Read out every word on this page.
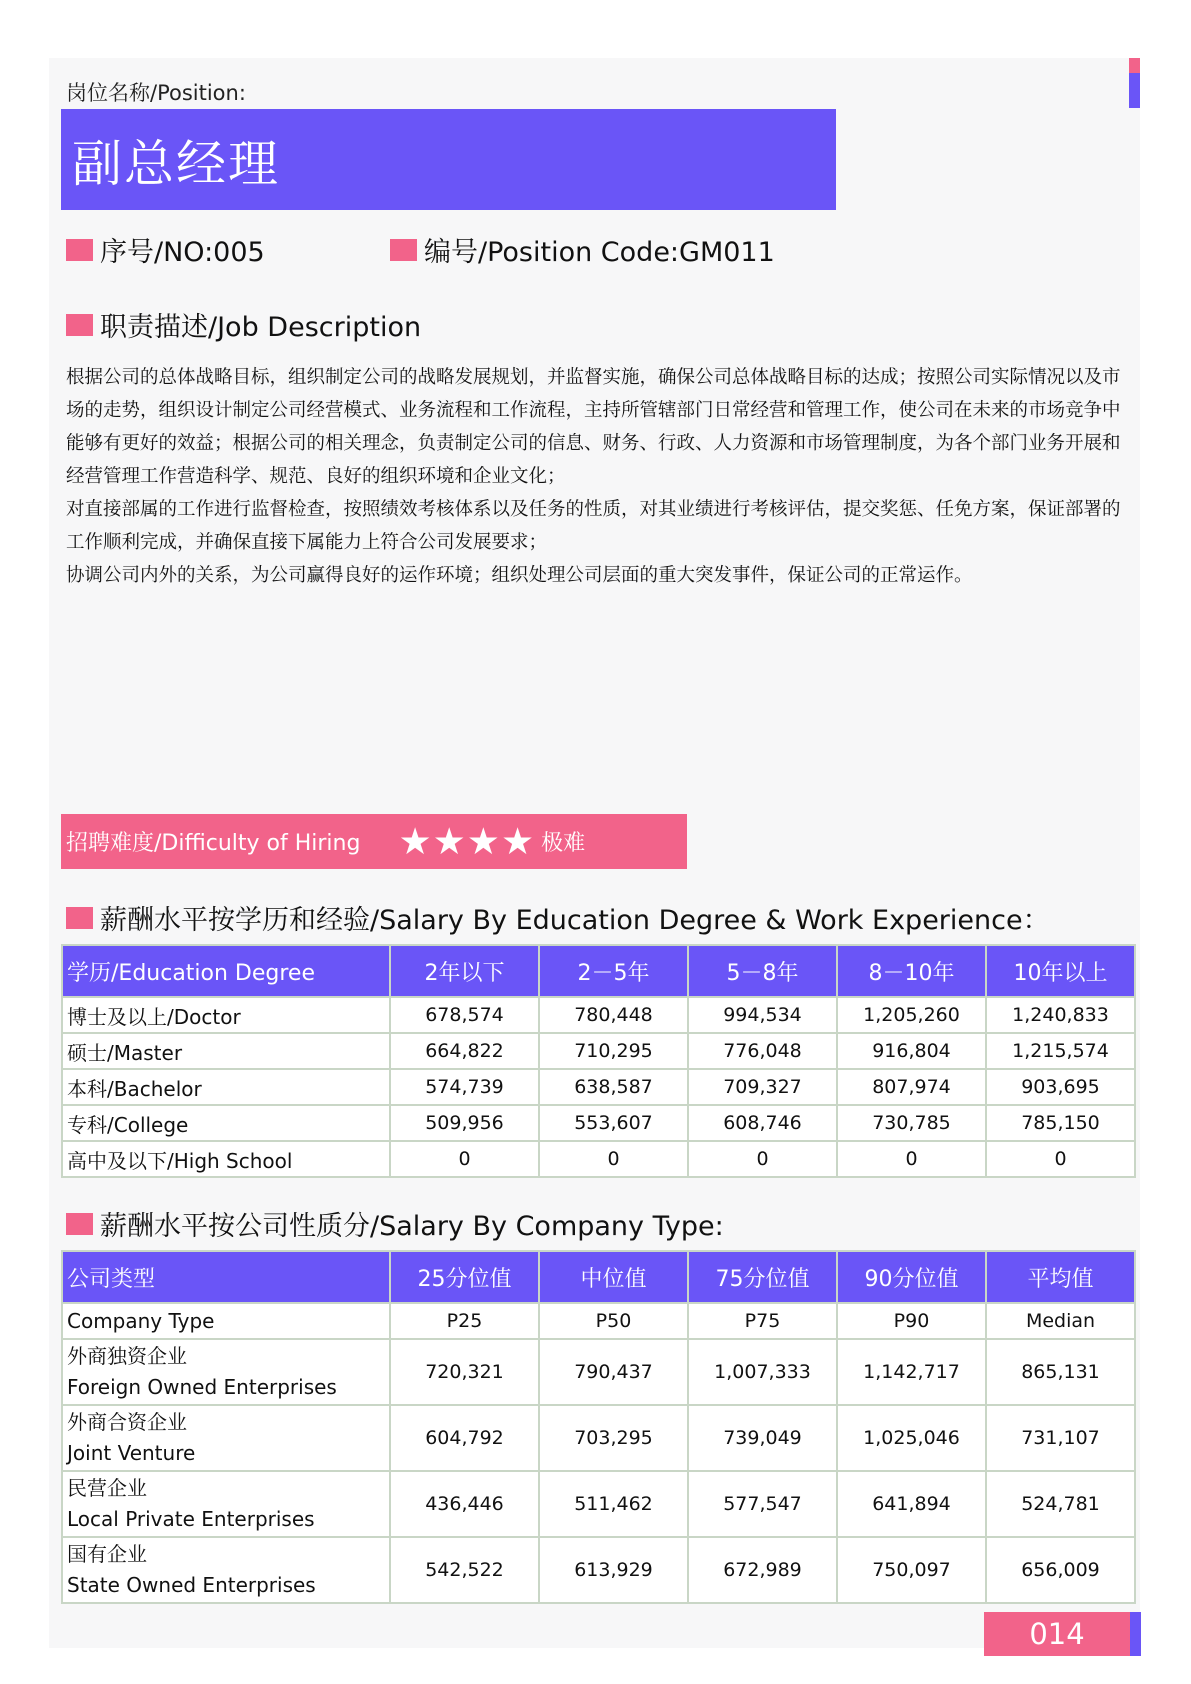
岗位名称/Position:
副总经理
序号/NO:005	编号/Position Code:GM011
职责描述/Job Description

根据公司的总体战略目标，组织制定公司的战略发展规划，并监督实施，确保公司总体战略目标的达成；按照公司实际情况以及市场的走势，组织设计制定公司经营模式、业务流程和工作流程，主持所管辖部门日常经营和管理工作，使公司在未来的市场竞争中能够有更好的效益；根据公司的相关理念，负责制定公司的信息、财务、行政、人力资源和市场管理制度，为各个部门业务开展和经营管理工作营造科学、规范、良好的组织环境和企业文化；

对直接部属的工作进行监督检查，按照绩效考核体系以及任务的性质，对其业绩进行考核评估，提交奖惩、任免方案，保证部署的工作顺利完成，并确保直接下属能力上符合公司发展要求；

协调公司内外的关系，为公司赢得良好的运作环境；组织处理公司层面的重大突发事件，保证公司的正常运作。

招聘难度/Difficulty of Hiring ★★★★ 极难
薪酬水平按学历和经验/Salary By Education Degree & Work Experience：
学历/Education Degree	2年以下	2－5年	5－8年	8－10年	10年以上
博士及以上/Doctor	678,574	780,448	994,534	1,205,260	1,240,833
硕士/Master	664,822	710,295	776,048	916,804	1,215,574
本科/Bachelor	574,739	638,587	709,327	807,974	903,695
专科/College	509,956	553,607	608,746	730,785	785,150
高中及以下/High School	0	0	0	0	0
薪酬水平按公司性质分/Salary By Company Type:
公司类型	25分位值	中位值	75分位值	90分位值	平均值
Company Type	P25	P50	P75	P90	Median

外商独资企业
Foreign Owned Enterprises	720,321	790,437	1,007,333	1,142,717	865,131

外商合资企业
Joint Venture	604,792	703,295	739,049	1,025,046	731,107

民营企业
Local Private Enterprises	436,446	511,462	577,547	641,894	524,781

国有企业
State Owned Enterprises	542,522	613,929	672,989	750,097	656,009
014
